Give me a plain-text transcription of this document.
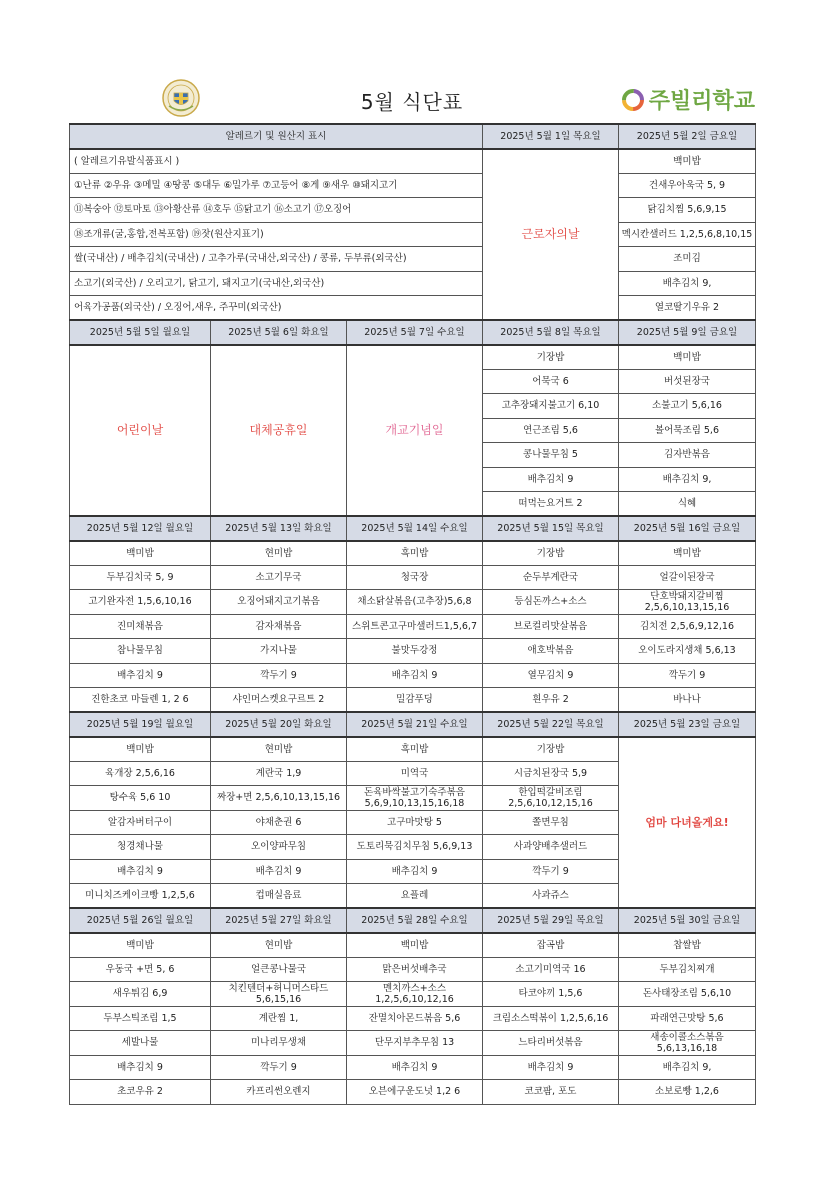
5월 식단표	주빌리학교
알레르기 및 원산지 표시			2025년 5월 1일 목요일	2025년 5월 2일 금요일
( 알레르기유발식품표시 )			근로자의날	백미밥
①난류 ②우유 ③메밀 ④땅콩 ⑤대두 ⑥밀가루 ⑦고등어 ⑧게 ⑨새우 ⑩돼지고기				건새우아욱국 5, 9
⑪복숭아 ⑫토마토 ⑬아황산류 ⑭호두 ⑮닭고기 ⑯소고기 ⑰오징어				닭김치찜 5,6,9,15
⑱조개류(굴,홍합,전복포함) ⑲잣(원산지표기)				멕시칸샐러드 1,2,5,6,8,10,15
쌀(국내산) / 배추김치(국내산) / 고추가루(국내산,외국산) / 콩류, 두부류(외국산)				조미김
소고기(외국산) / 오리고기, 닭고기, 돼지고기(국내산,외국산)				배추김치 9,
어육가공품(외국산) / 오징어,새우, 주꾸미(외국산)				열코딸기우유 2
2025년 5월 5일 월요일	2025년 5월 6일 화요일	2025년 5월 7일 수요일	2025년 5월 8일 목요일	2025년 5월 9일 금요일
어린이날	대체공휴일	개교기념일	기장밥	백미밥
			어묵국 6	버섯된장국
			고추장돼지불고기 6,10	소불고기 5,6,16
			연근조림 5,6	볼어묵조림 5,6
			콩나물무침 5	김자반볶음
			배추김치 9	배추김치 9,
			떠먹는요거트 2	식혜
2025년 5월 12일 월요일	2025년 5월 13일 화요일	2025년 5월 14일 수요일	2025년 5월 15일 목요일	2025년 5월 16일 금요일
백미밥	현미밥	흑미밥	기장밥	백미밥
두부김치국 5, 9	소고기무국	청국장	순두부계란국	얼갈이된장국
고기완자전 1,5,6,10,16	오징어돼지고기볶음	채소닭살볶음(고추장)5,6,8	등심돈까스+소스	단호박돼지갈비찜 2,5,6,10,13,15,16
진미채볶음	감자채볶음	스위트콘고구마샐러드1,5,6,7	브로컬리맛살볶음	김치전 2,5,6,9,12,16
참나물무침	가지나물	불맛두강정	애호박볶음	오이도라지생채 5,6,13
배추김치 9	깍두기 9	배추김치 9	열무김치 9	깍두기 9
진한초코 마들렌 1, 2 6	샤인머스켓요구르트 2	밀감푸딩	흰우유 2	바나나
2025년 5월 19일 월요일	2025년 5월 20일 화요일	2025년 5월 21일 수요일	2025년 5월 22일 목요일	2025년 5월 23일 금요일
백미밥	현미밥	흑미밥	기장밥	엄마 다녀올게요!
육개장 2,5,6,16	계란국 1,9	미역국	시금치된장국 5,9	
탕수육 5,6 10	짜장+면 2,5,6,10,13,15,16	돈육바싹불고기숙주볶음 5,6,9,10,13,15,16,18	한입떡갈비조림 2,5,6,10,12,15,16	
알감자버터구이	야채춘권 6	고구마맛탕 5	쫄면무침	
청경채나물	오이양파무침	도토리묵김치무침 5,6,9,13	사과양배추샐러드	
배추김치 9	배추김치 9	배추김치 9	깍두기 9	
미니치즈케이크빵 1,2,5,6	컵매실음료	요플레	사과쥬스	
2025년 5월 26일 월요일	2025년 5월 27일 화요일	2025년 5월 28일 수요일	2025년 5월 29일 목요일	2025년 5월 30일 금요일
백미밥	현미밥	백미밥	잡곡밥	찹쌀밥
우동국 +면 5, 6	얼큰콩나물국	맑은버섯배추국	소고기미역국 16	두부김치찌개
새우튀김 6,9	치킨텐더+허니머스타드 5,6,15,16	멘치까스+소스 1,2,5,6,10,12,16	타코야끼 1,5,6	돈사태장조림 5,6,10
두부스틱조림 1,5	계란찜 1,	잔멸치아몬드볶음 5,6	크림소스떡볶이 1,2,5,6,16	파래연근맛탕 5,6
세발나물	미나리무생채	단무지부추무침 13	느타리버섯볶음	새송이콜소스볶음 5,6,13,16,18
배추김치 9	깍두기 9	배추김치 9	배추김치 9	배추김치 9,
초코우유 2	카프리썬오렌지	오븐에구운도넛 1,2 6	코코팜, 포도	소보로빵 1,2,6
